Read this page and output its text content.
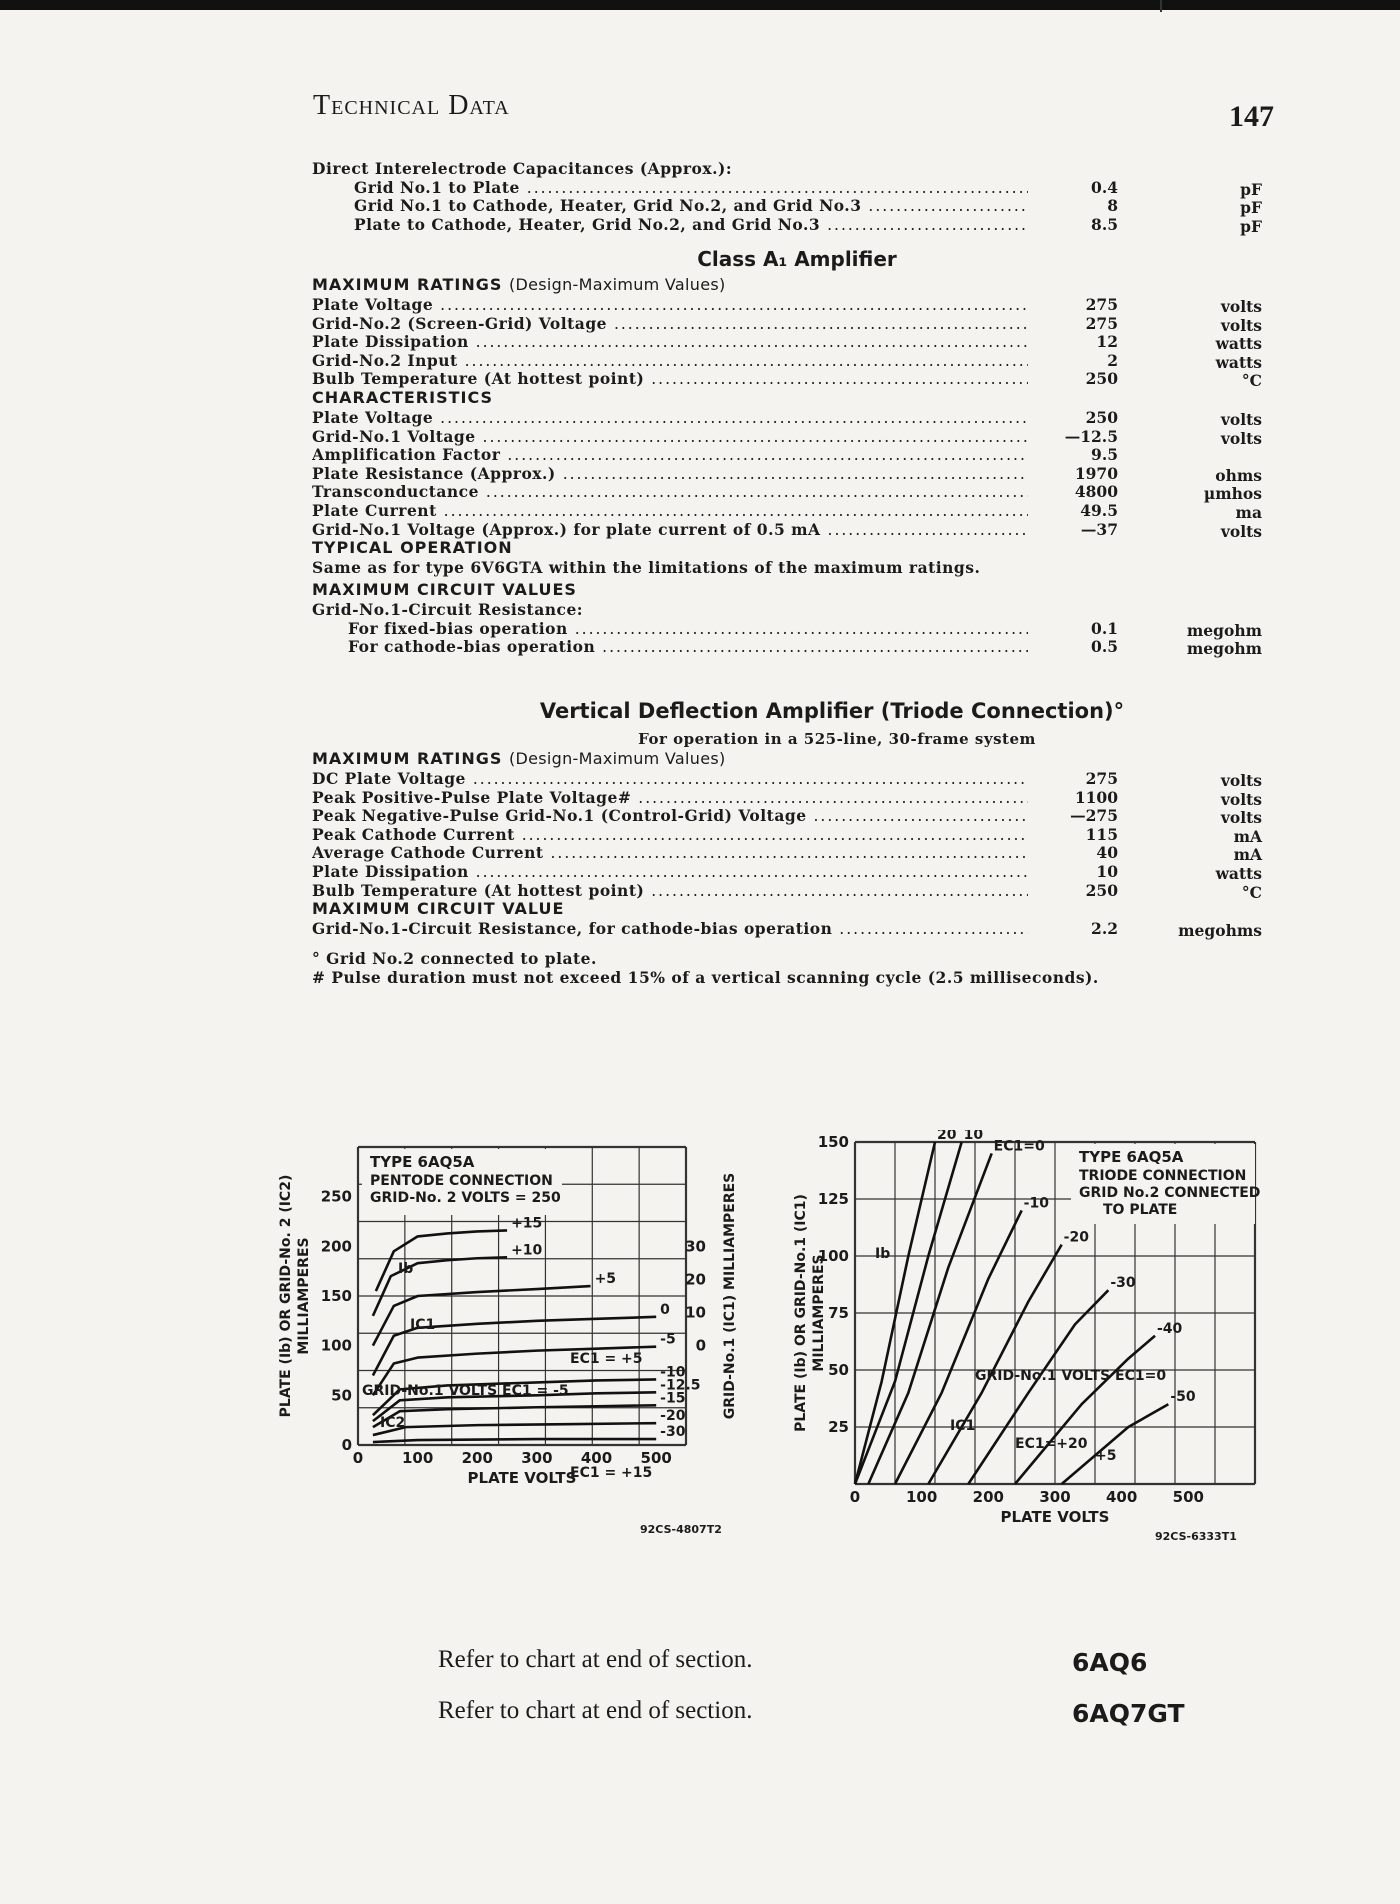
Technical Data	147
Direct Interelectrode Capacitances (Approx.):
Grid No.1 to Plate .....	0.4	pF
Grid No.1 to Cathode, Heater, Grid No.2, and Grid No.3 .....	8	pF
Plate to Cathode, Heater, Grid No.2, and Grid No.3 .....	8.5	pF
Class A₁ Amplifier
MAXIMUM RATINGS (Design-Maximum Values)
Plate Voltage .....	275	volts
Grid-No.2 (Screen-Grid) Voltage .....	275	volts
Plate Dissipation .....	12	watts
Grid-No.2 Input .....	2	watts
Bulb Temperature (At hottest point) .....	250	°C
CHARACTERISTICS
Plate Voltage .....	250	volts
Grid-No.1 Voltage .....	—12.5	volts
Amplification Factor .....	9.5
Plate Resistance (Approx.) .....	1970	ohms
Transconductance .....	4800	µmhos
Plate Current .....	49.5	ma
Grid-No.1 Voltage (Approx.) for plate current of 0.5 mA .....	—37	volts
TYPICAL OPERATION
Same as for type 6V6GTA within the limitations of the maximum ratings.
MAXIMUM CIRCUIT VALUES
Grid-No.1-Circuit Resistance:
For fixed-bias operation .....	0.1	megohm
For cathode-bias operation .....	0.5	megohm
Vertical Deflection Amplifier (Triode Connection)°
For operation in a 525-line, 30-frame system
MAXIMUM RATINGS (Design-Maximum Values)
DC Plate Voltage .....	275	volts
Peak Positive-Pulse Plate Voltage# .....	1100	volts
Peak Negative-Pulse Grid-No.1 (Control-Grid) Voltage .....	—275	volts
Peak Cathode Current .....	115	mA
Average Cathode Current .....	40	mA
Plate Dissipation .....	10	watts
Bulb Temperature (At hottest point) .....	250	°C
MAXIMUM CIRCUIT VALUE
Grid-No.1-Circuit Resistance, for cathode-bias operation .....	2.2	megohms
° Grid No.2 connected to plate.
# Pulse duration must not exceed 15% of a vertical scanning cycle (2.5 milliseconds).
TYPE 6AQ5A
PENTODE CONNECTION
GRID-No. 2 VOLTS = 250
+15
+10
+5
0
-5
-10
-12.5
-15
-20
-30
0	100 200 300 400 500
0
50
100
150
200
250
0
10
20
30
PLATE VOLTS
PLATE (Ib) OR GRID-No. 2 (IC2) MILLIAMPERES	GRID-No.1 (IC1) MILLIAMPERES
Ib
IC1
IC2
EC1 = +5
EC1 = +15
GRID-No.1 VOLTS EC1 = -5
92CS-4807T2
TYPE 6AQ5A
TRIODE CONNECTION
GRID No.2 CONNECTED
TO PLATE
20 10
EC1=0
-10
-20
-30
-40
-50
0	100 200 300 400 500
25
50
75
100
125
150
PLATE VOLTS
PLATE (Ib) OR GRID-No.1 (IC1) MILLIAMPERES
Ib
IC1
GRID-No.1 VOLTS EC1=0
EC1=+20
+5
92CS-6333T1
Refer to chart at end of section.	6AQ6
Refer to chart at end of section.	6AQ7GT
